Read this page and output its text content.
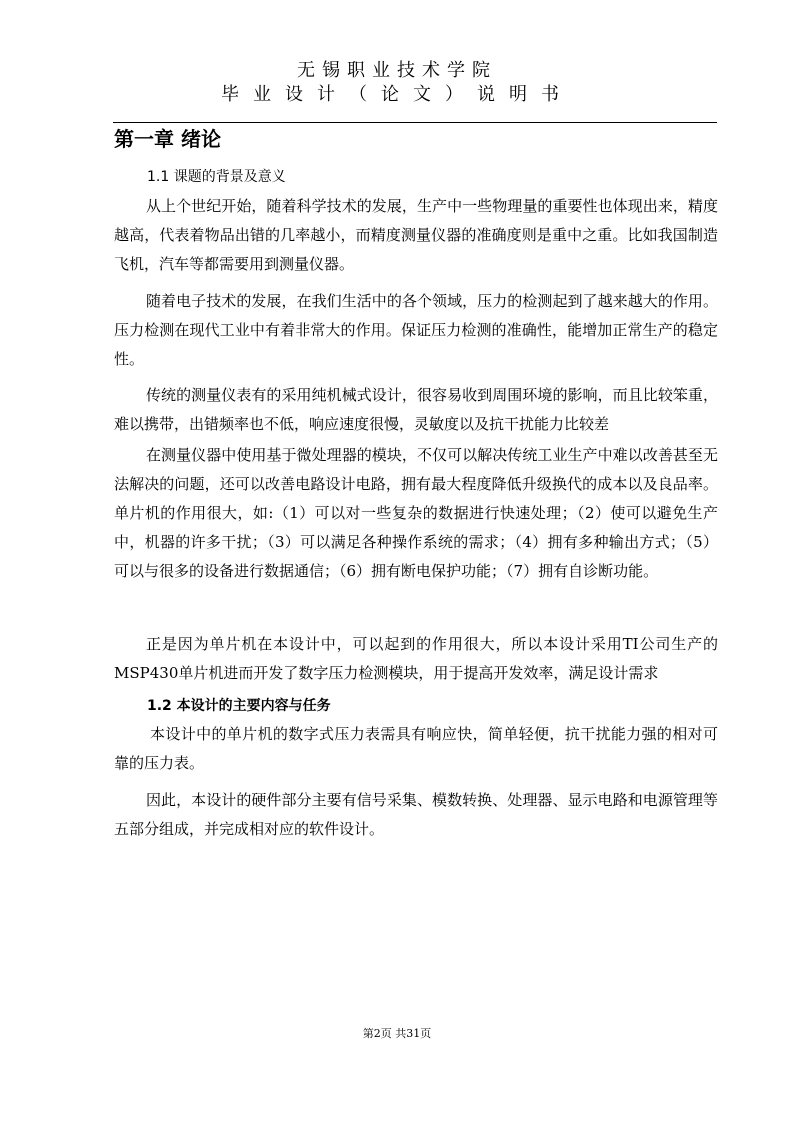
无锡职业技术学院
毕业设计（论文）说明书
第一章 绪论
1.1 课题的背景及意义
从上个世纪开始，随着科学技术的发展，生产中一些物理量的重要性也体现出来，精度越高，代表着物品出错的几率越小，而精度测量仪器的准确度则是重中之重。比如我国制造飞机，汽车等都需要用到测量仪器。
随着电子技术的发展，在我们生活中的各个领域，压力的检测起到了越来越大的作用。压力检测在现代工业中有着非常大的作用。保证压力检测的准确性，能增加正常生产的稳定性。
传统的测量仪表有的采用纯机械式设计，很容易收到周围环境的影响，而且比较笨重，难以携带，出错频率也不低，响应速度很慢，灵敏度以及抗干扰能力比较差
在测量仪器中使用基于微处理器的模块，不仅可以解决传统工业生产中难以改善甚至无法解决的问题，还可以改善电路设计电路，拥有最大程度降低升级换代的成本以及良品率。单片机的作用很大，如:（1）可以对一些复杂的数据进行快速处理；（2）使可以避免生产中，机器的许多干扰；（3）可以满足各种操作系统的需求；（4）拥有多种输出方式；（5）可以与很多的设备进行数据通信；（6）拥有断电保护功能；（7）拥有自诊断功能。
正是因为单片机在本设计中，可以起到的作用很大，所以本设计采用TI公司生产的MSP430单片机进而开发了数字压力检测模块，用于提高开发效率，满足设计需求
1.2 本设计的主要内容与任务
本设计中的单片机的数字式压力表需具有响应快，简单轻便，抗干扰能力强的相对可靠的压力表。
因此，本设计的硬件部分主要有信号采集、模数转换、处理器、显示电路和电源管理等五部分组成，并完成相对应的软件设计。
第2页 共31页
